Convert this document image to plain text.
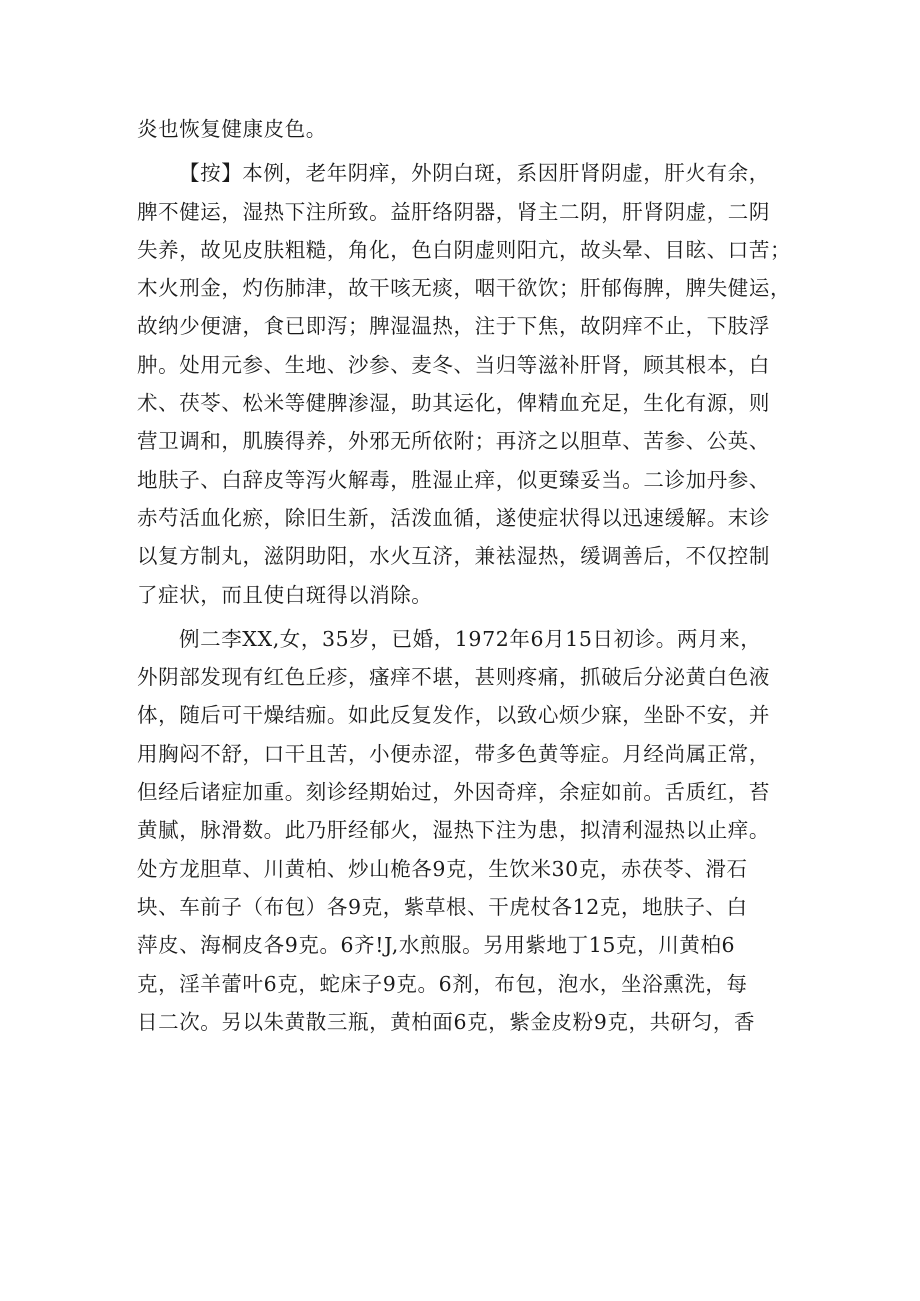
炎也恢复健康皮色。

【按】本例，老年阴痒，外阴白斑，系因肝肾阴虚，肝火有余，
脾不健运，湿热下注所致。益肝络阴器，肾主二阴，肝肾阴虚，二阴
失养，故见皮肤粗糙，角化，色白阴虚则阳亢，故头晕、目眩、口苦；
木火刑金，灼伤肺津，故干咳无痰，咽干欲饮；肝郁侮脾，脾失健运，
故纳少便溏，食已即泻；脾湿温热，注于下焦，故阴痒不止，下肢浮
肿。处用元参、生地、沙参、麦冬、当归等滋补肝肾，顾其根本，白
术、茯苓、松米等健脾渗湿，助其运化，俾精血充足，生化有源，则
营卫调和，肌腠得养，外邪无所依附；再济之以胆草、苦参、公英、
地肤子、白辞皮等泻火解毒，胜湿止痒，似更臻妥当。二诊加丹参、
赤芍活血化瘀，除旧生新，活泼血循，遂使症状得以迅速缓解。末诊
以复方制丸，滋阴助阳，水火互济，兼袪湿热，缓调善后，不仅控制
了症状，而且使白斑得以消除。

例二李XX,女，35岁，已婚，1972年6月15日初诊。两月来，
外阴部发现有红色丘疹，瘙痒不堪，甚则疼痛，抓破后分泌黄白色液
体，随后可干燥结痂。如此反复发作，以致心烦少寐，坐卧不安，并
用胸闷不舒，口干且苦，小便赤涩，带多色黄等症。月经尚属正常，
但经后诸症加重。刻诊经期始过，外因奇痒，余症如前。舌质红，苔
黄腻，脉滑数。此乃肝经郁火，湿热下注为患，拟清利湿热以止痒。
处方龙胆草、川黄柏、炒山桅各9克，生饮米30克，赤茯苓、滑石
块、车前子（布包）各9克，紫草根、干虎杖各12克，地肤子、白
萍皮、海桐皮各9克。6齐!J,水煎服。另用紫地丁15克，川黄柏6
克，淫羊蕾叶6克，蛇床子9克。6剂，布包，泡水，坐浴熏洗，每
日二次。另以朱黄散三瓶，黄柏面6克，紫金皮粉9克，共研匀，香
